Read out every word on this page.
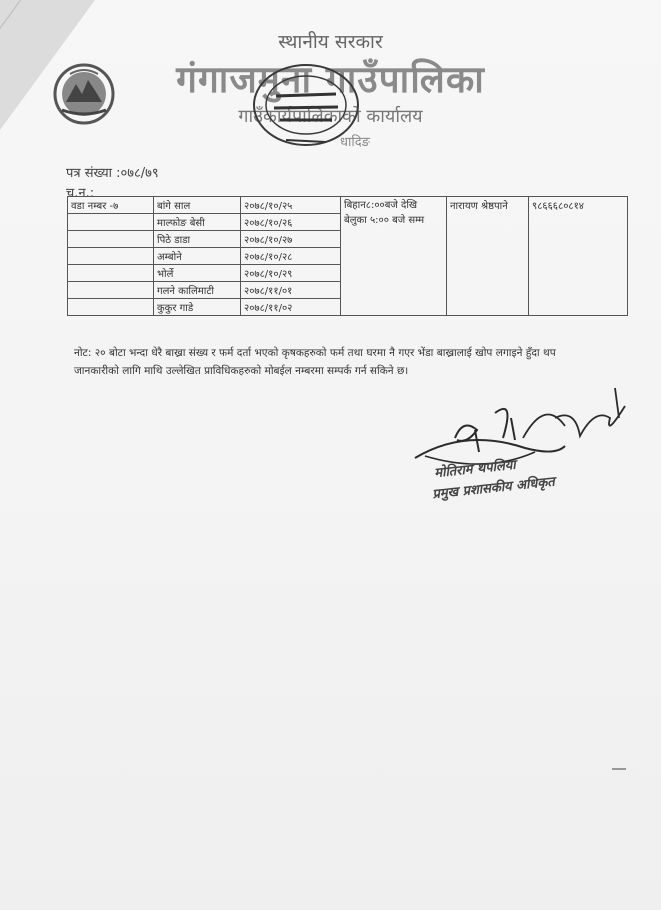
स्थानीय सरकार
गंगाजमुना गाउँपालिका
गाउँकार्यपालिकाको कार्यालय
धादिङ
पत्र संख्या :०७८/७९
च.न.:
वडा नम्बर -७	बांगे साल	२०७८/१०/२५	बिहान८:००बजे देखि बेलुका ५:०० बजे सम्म	नारायण श्रेष्ठपाने	९८६६६८०८१४
	माल्फोङ बेसी	२०७८/१०/२६			
	पिठे डाडा	२०७८/१०/२७			
	अम्बोने	२०७८/१०/२८			
	भोर्ले	२०७८/१०/२९			
	गलने कालिमाटी	२०७८/११/०१			
	कुकुर गाडे	२०७८/११/०२			
नोट: २० बोटा भन्दा धेरै बाख्रा संख्य र फर्म दर्ता भएको कृषकहरुको फर्म तथा घरमा नै गएर भेंडा बाख्रालाई खोप लगाइने हुँदा थप जानकारीको लागि माथि उल्लेखित प्राविधिकहरुको मोबईल नम्बरमा सम्पर्क गर्न सकिने छ।
मोतिराम थपलिया
प्रमुख प्रशासकीय अधिकृत
